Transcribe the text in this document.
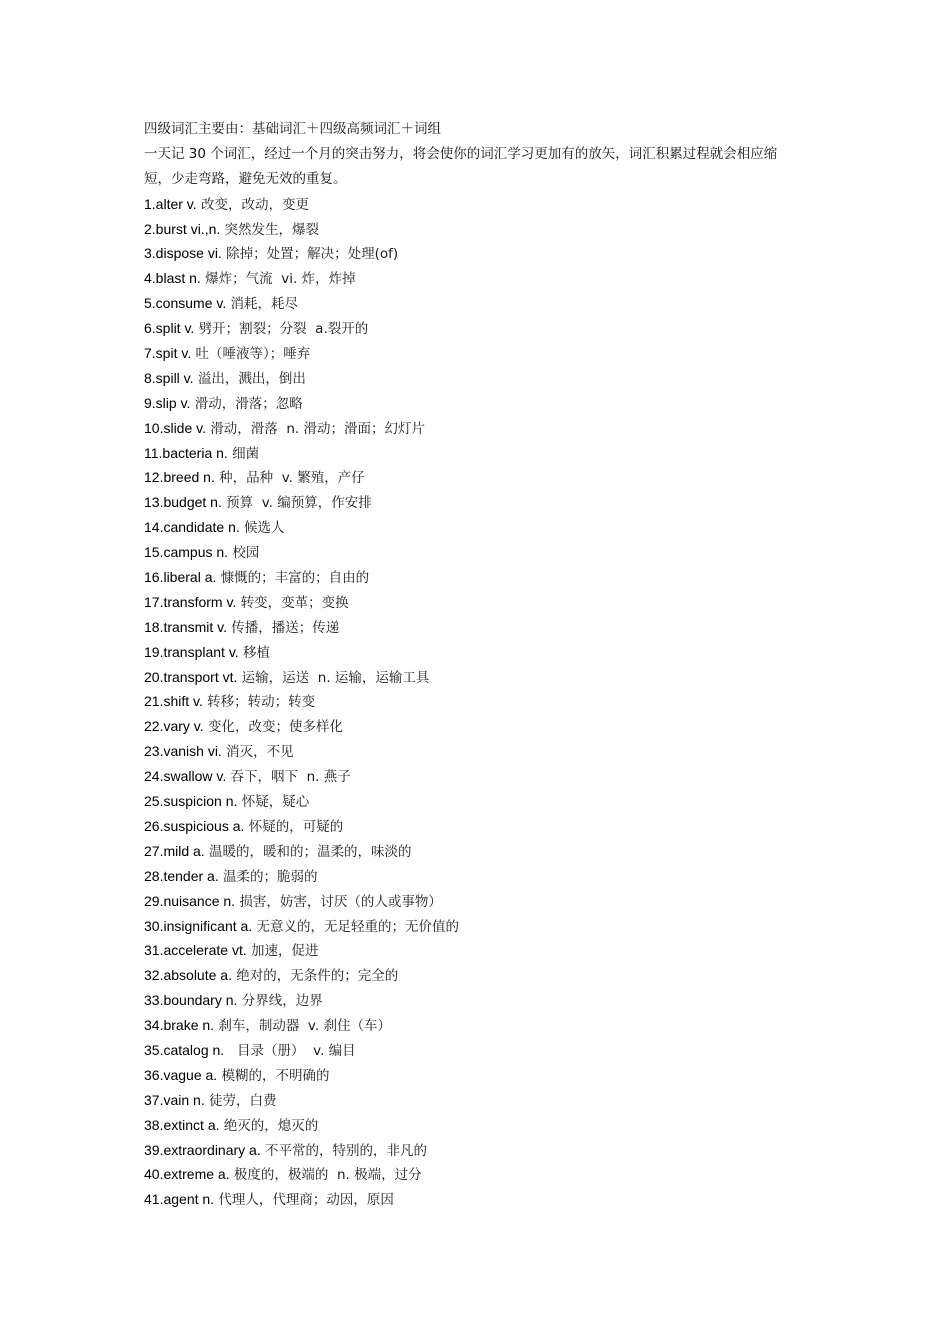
四级词汇主要由：基础词汇＋四级高频词汇＋词组
一天记 30 个词汇，经过一个月的突击努力，将会使你的词汇学习更加有的放矢，词汇积累过程就会相应缩
短，少走弯路，避免无效的重复。
1.alter v. 改变，改动，变更
2.burst vi.,n. 突然发生，爆裂
3.dispose vi. 除掉；处置；解决；处理(of)
4.blast n. 爆炸；气流  vi. 炸，炸掉
5.consume v. 消耗，耗尽
6.split v. 劈开；割裂；分裂  a.裂开的
7.spit v. 吐（唾液等）；唾弃
8.spill v. 溢出，溅出，倒出
9.slip v. 滑动，滑落；忽略
10.slide v. 滑动，滑落  n. 滑动；滑面；幻灯片
11.bacteria n. 细菌
12.breed n. 种，品种  v. 繁殖，产仔
13.budget n. 预算  v. 编预算，作安排
14.candidate n. 候选人
15.campus n. 校园
16.liberal a. 慷慨的；丰富的；自由的
17.transform v. 转变，变革；变换
18.transmit v. 传播，播送；传递
19.transplant v. 移植
20.transport vt. 运输，运送  n. 运输，运输工具
21.shift v. 转移；转动；转变
22.vary v. 变化，改变；使多样化
23.vanish vi. 消灭，不见
24.swallow v. 吞下，咽下  n. 燕子
25.suspicion n. 怀疑，疑心
26.suspicious a. 怀疑的，可疑的
27.mild a. 温暖的，暖和的；温柔的，味淡的
28.tender a. 温柔的；脆弱的
29.nuisance n. 损害，妨害，讨厌（的人或事物）
30.insignificant a. 无意义的，无足轻重的；无价值的
31.accelerate vt. 加速，促进
32.absolute a. 绝对的，无条件的；完全的
33.boundary n. 分界线，边界
34.brake n. 刹车，制动器  v. 刹住（车）
35.catalog n.   目录（册）  v. 编目
36.vague a. 模糊的，不明确的
37.vain n. 徒劳，白费
38.extinct a. 绝灭的，熄灭的
39.extraordinary a. 不平常的，特别的，非凡的
40.extreme a. 极度的，极端的  n. 极端，过分
41.agent n. 代理人，代理商；动因，原因
